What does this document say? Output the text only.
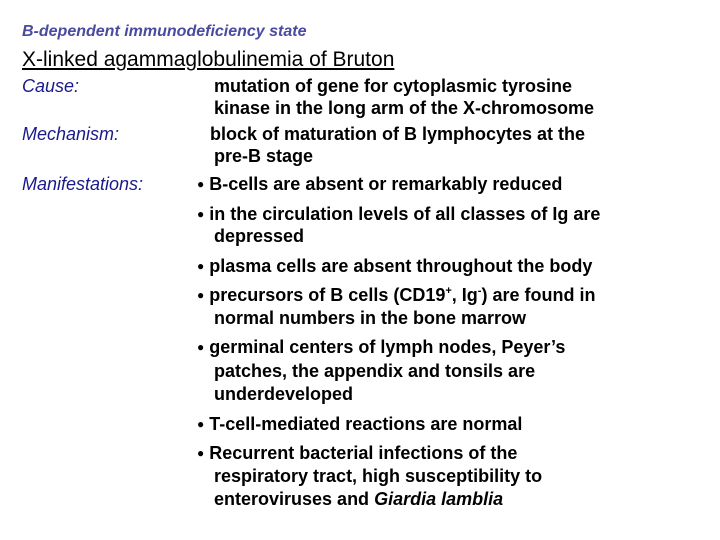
B-dependent immunodeficiency state
X-linked agammaglobulinemia of Bruton
Cause:	mutation of gene for cytoplasmic tyrosine
kinase in the long arm of the X-chromosome
Mechanism:	block of maturation of B lymphocytes at the
pre-B stage
Manifestations:	● B-cells are absent or remarkably reduced
● in the circulation levels of all classes of Ig are
depressed
● plasma cells are absent throughout the body
● precursors of B cells (CD19+, Ig-) are found in
normal numbers in the bone marrow
● germinal centers of lymph nodes, Peyer’s
patches, the appendix and tonsils are
underdeveloped
● T-cell-mediated reactions are normal
● Recurrent bacterial infections of the
respiratory tract, high susceptibility to
enteroviruses and Giardia lamblia
